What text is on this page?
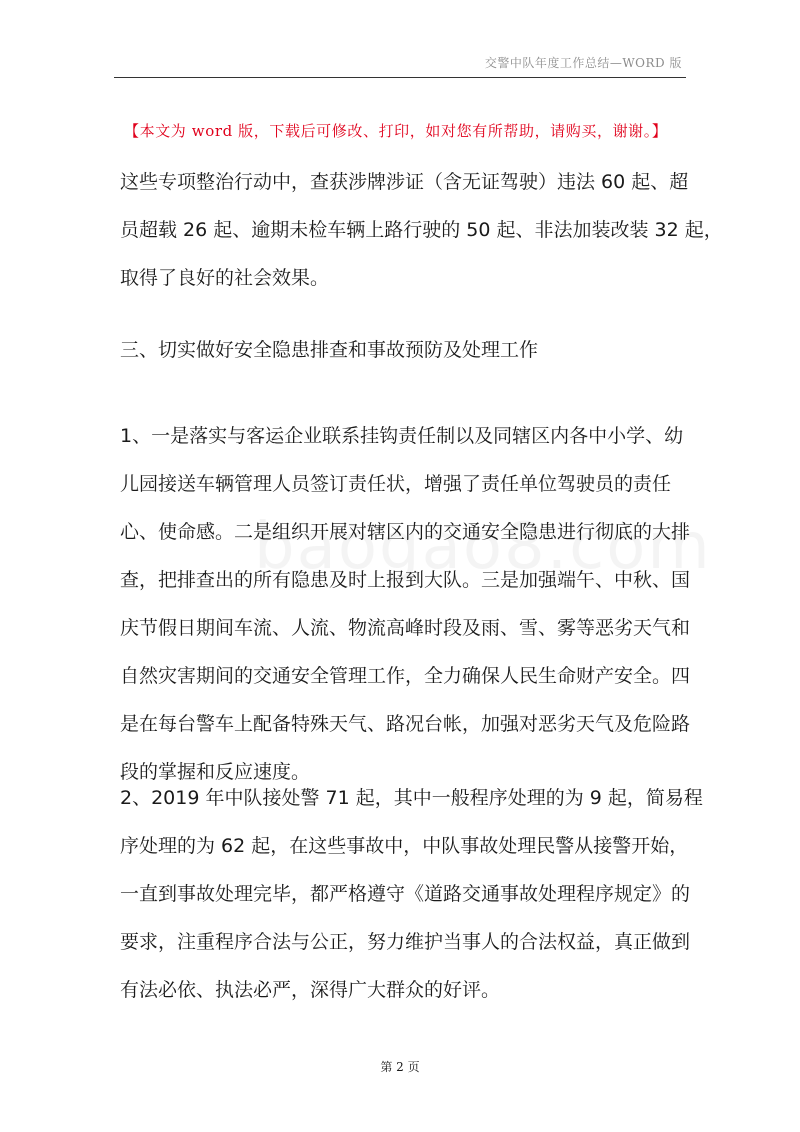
交警中队年度工作总结—WORD 版
【本文为 word 版，下载后可修改、打印，如对您有所帮助，请购买，谢谢。】
这些专项整治行动中，查获涉牌涉证（含无证驾驶）违法 60 起、超
员超载 26 起、逾期未检车辆上路行驶的 50 起、非法加装改装 32 起，
取得了良好的社会效果。
三、切实做好安全隐患排查和事故预防及处理工作
1、一是落实与客运企业联系挂钩责任制以及同辖区内各中小学、幼
儿园接送车辆管理人员签订责任状，增强了责任单位驾驶员的责任
心、使命感。二是组织开展对辖区内的交通安全隐患进行彻底的大排
查，把排查出的所有隐患及时上报到大队。三是加强端午、中秋、国
庆节假日期间车流、人流、物流高峰时段及雨、雪、雾等恶劣天气和
自然灾害期间的交通安全管理工作，全力确保人民生命财产安全。四
是在每台警车上配备特殊天气、路况台帐，加强对恶劣天气及危险路
段的掌握和反应速度。
2、2019 年中队接处警 71 起，其中一般程序处理的为 9 起，简易程
序处理的为 62 起，在这些事故中，中队事故处理民警从接警开始，
一直到事故处理完毕，都严格遵守《道路交通事故处理程序规定》的
要求，注重程序合法与公正，努力维护当事人的合法权益，真正做到
有法必依、执法必严，深得广大群众的好评。
第 2 页
